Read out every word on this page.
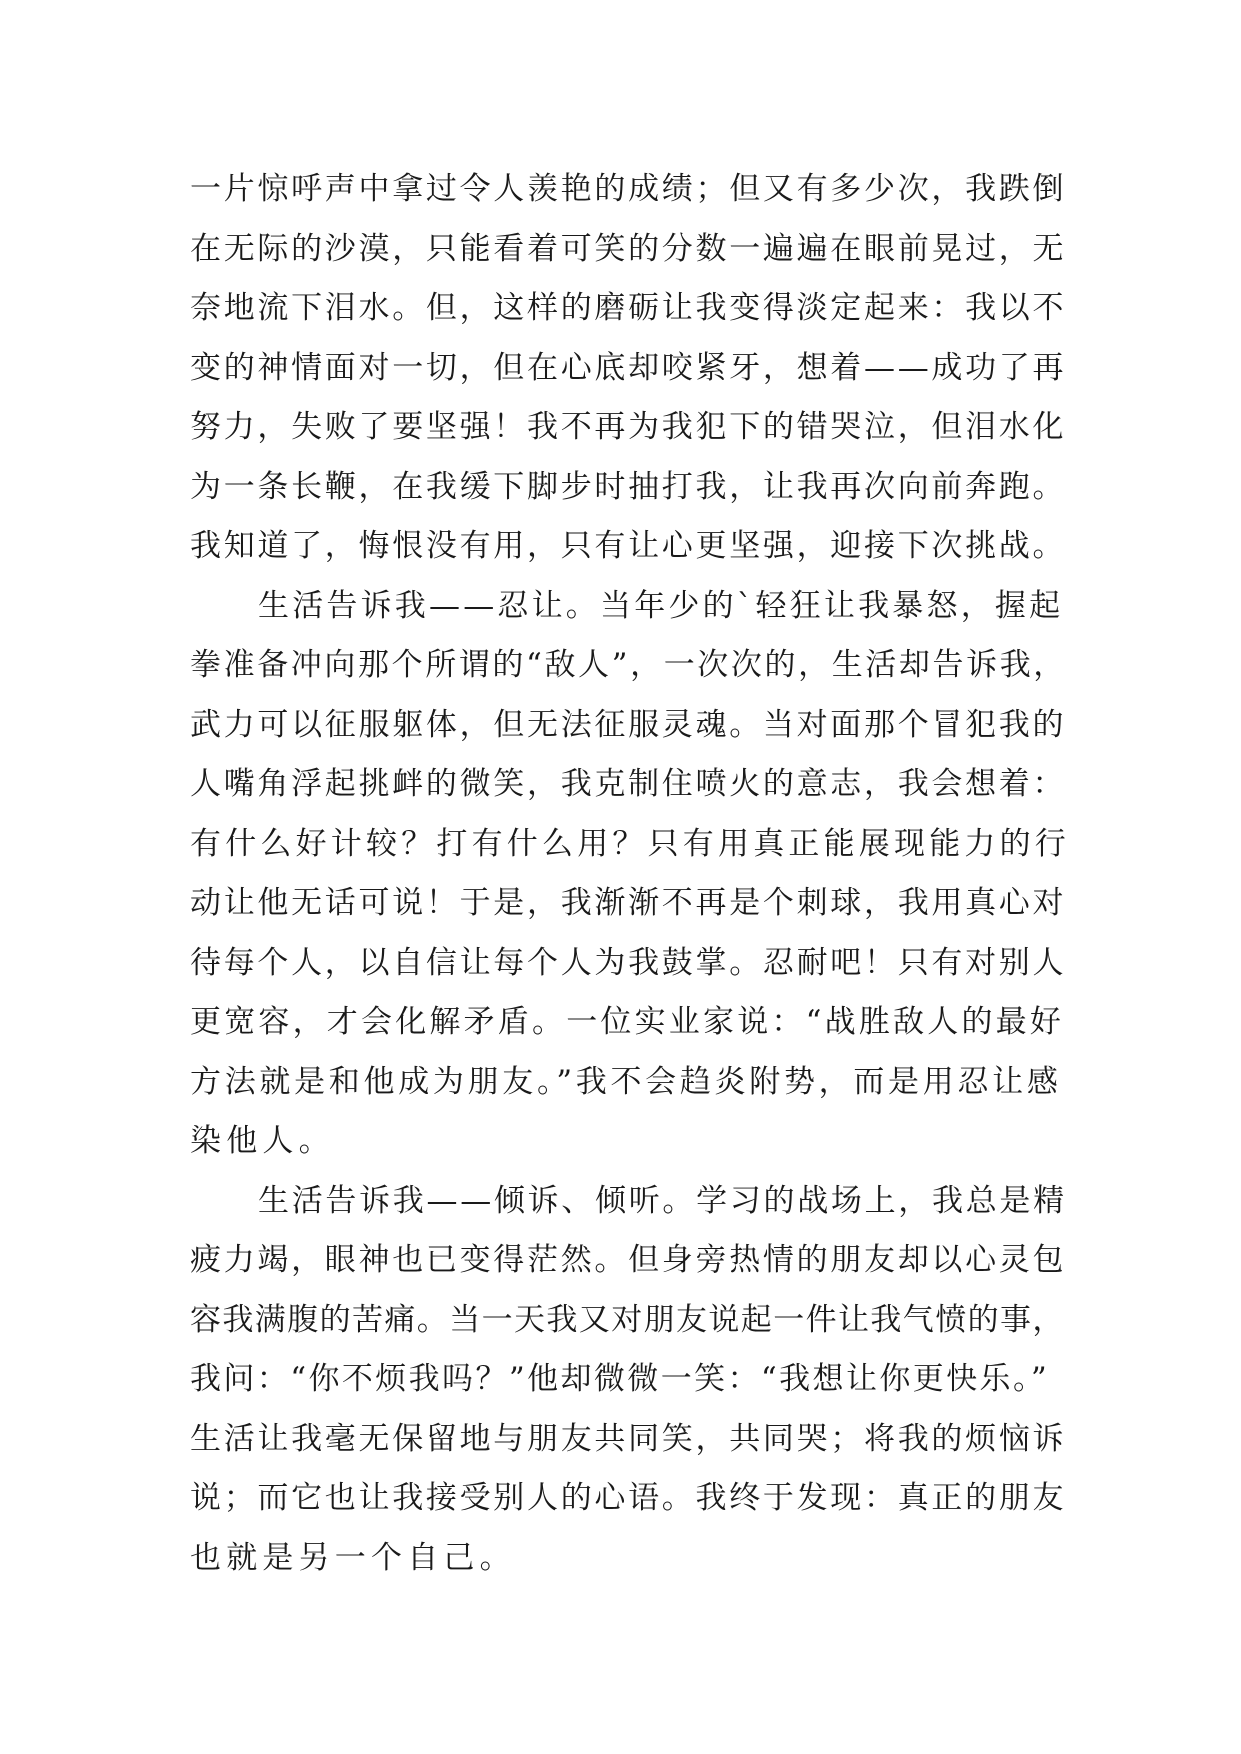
一片惊呼声中拿过令人羡艳的成绩；但又有多少次，我跌倒
在无际的沙漠，只能看着可笑的分数一遍遍在眼前晃过，无
奈地流下泪水。但，这样的磨砺让我变得淡定起来：我以不
变的神情面对一切，但在心底却咬紧牙，想着——成功了再
努力，失败了要坚强！我不再为我犯下的错哭泣，但泪水化
为一条长鞭，在我缓下脚步时抽打我，让我再次向前奔跑。
我知道了，悔恨没有用，只有让心更坚强，迎接下次挑战。
生活告诉我——忍让。当年少的`轻狂让我暴怒，握起
拳准备冲向那个所谓的“敌人”，一次次的，生活却告诉我，
武力可以征服躯体，但无法征服灵魂。当对面那个冒犯我的
人嘴角浮起挑衅的微笑，我克制住喷火的意志，我会想着：
有什么好计较？打有什么用？只有用真正能展现能力的行
动让他无话可说！于是，我渐渐不再是个刺球，我用真心对
待每个人，以自信让每个人为我鼓掌。忍耐吧！只有对别人
更宽容，才会化解矛盾。一位实业家说：“战胜敌人的最好
方法就是和他成为朋友。”我不会趋炎附势，而是用忍让感
染他人。
生活告诉我——倾诉、倾听。学习的战场上，我总是精
疲力竭，眼神也已变得茫然。但身旁热情的朋友却以心灵包
容我满腹的苦痛。当一天我又对朋友说起一件让我气愤的事，
我问：“你不烦我吗？”他却微微一笑：“我想让你更快乐。”
生活让我毫无保留地与朋友共同笑，共同哭；将我的烦恼诉
说；而它也让我接受别人的心语。我终于发现：真正的朋友
也就是另一个自己。
